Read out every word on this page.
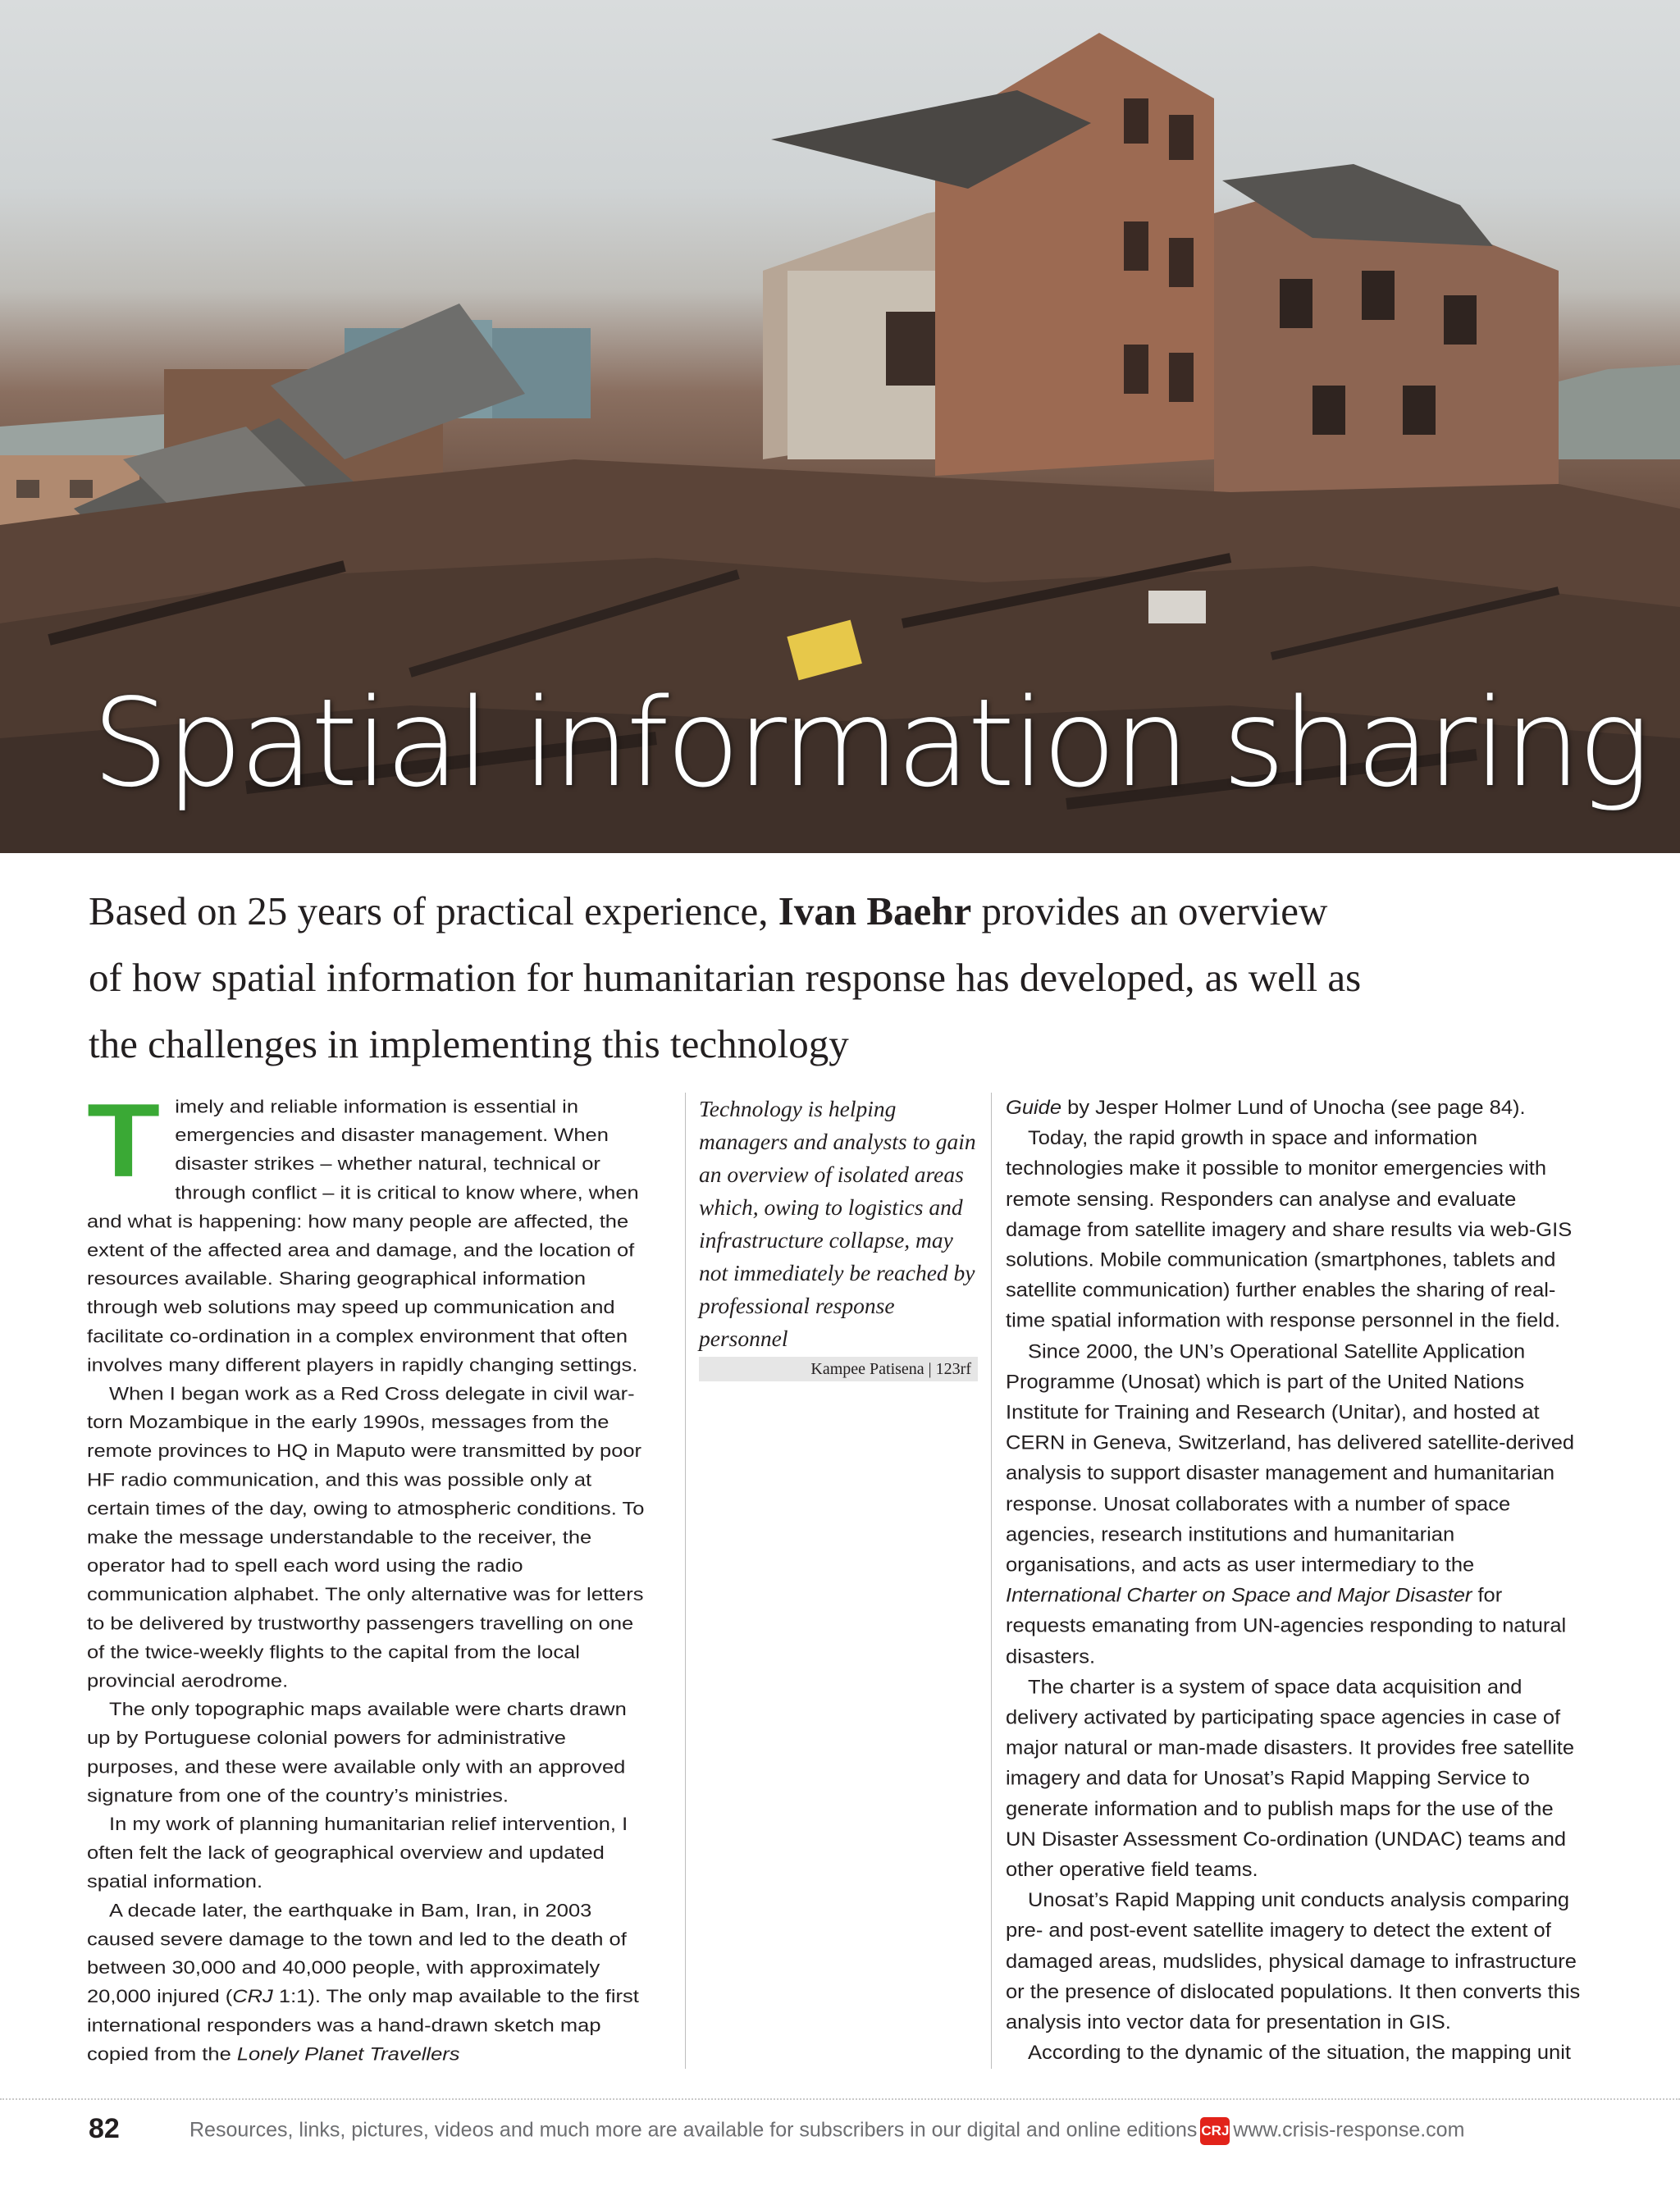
Spatial information sharing
Based on 25 years of practical experience, Ivan Baehr provides an overview of how spatial information for humanitarian response has developed, as well as the challenges in implementing this technology
T imely and reliable information is essential in emergencies and disaster management. When disaster strikes – whether natural, technical or through conflict – it is critical to know where, when and what is happening: how many people are affected, the extent of the affected area and damage, and the location of resources available. Sharing geographical information through web solutions may speed up communication and facilitate co-ordination in a complex environment that often involves many different players in rapidly changing settings.

When I began work as a Red Cross delegate in civil war-torn Mozambique in the early 1990s, messages from the remote provinces to HQ in Maputo were transmitted by poor HF radio communication, and this was possible only at certain times of the day, owing to atmospheric conditions. To make the message understandable to the receiver, the operator had to spell each word using the radio communication alphabet. The only alternative was for letters to be delivered by trustworthy passengers travelling on one of the twice-weekly flights to the capital from the local provincial aerodrome.

The only topographic maps available were charts drawn up by Portuguese colonial powers for administrative purposes, and these were available only with an approved signature from one of the country’s ministries.

In my work of planning humanitarian relief intervention, I often felt the lack of geographical overview and updated spatial information.

A decade later, the earthquake in Bam, Iran, in 2003 caused severe damage to the town and led to the death of between 30,000 and 40,000 people, with approximately 20,000 injured (CRJ 1:1). The only map available to the first international responders was a hand-drawn sketch map copied from the Lonely Planet Travellers

Technology is helping managers and analysts to gain an overview of isolated areas which, owing to logistics and infrastructure collapse, may not immediately be reached by professional response personnel
Kampee Patisena | 123rf

Guide by Jesper Holmer Lund of Unocha (see page 84).

Today, the rapid growth in space and information technologies make it possible to monitor emergencies with remote sensing. Responders can analyse and evaluate damage from satellite imagery and share results via web-GIS solutions. Mobile communication (smartphones, tablets and satellite communication) further enables the sharing of real-time spatial information with response personnel in the field.

Since 2000, the UN’s Operational Satellite Application Programme (Unosat) which is part of the United Nations Institute for Training and Research (Unitar), and hosted at CERN in Geneva, Switzerland, has delivered satellite-derived analysis to support disaster management and humanitarian response. Unosat collaborates with a number of space agencies, research institutions and humanitarian organisations, and acts as user intermediary to the International Charter on Space and Major Disaster for requests emanating from UN-agencies responding to natural disasters.

The charter is a system of space data acquisition and delivery activated by participating space agencies in case of major natural or man-made disasters. It provides free satellite imagery and data for Unosat’s Rapid Mapping Service to generate information and to publish maps for the use of the UN Disaster Assessment Co-ordination (UNDAC) teams and other operative field teams.

Unosat’s Rapid Mapping unit conducts analysis comparing pre- and post-event satellite imagery to detect the extent of damaged areas, mudslides, physical damage to infrastructure or the presence of dislocated populations. It then converts this analysis into vector data for presentation in GIS.

According to the dynamic of the situation, the mapping unit

82	Resources, links, pictures, videos and much more are available for subscribers in our digital and online editions CRJ www.crisis-response.com
